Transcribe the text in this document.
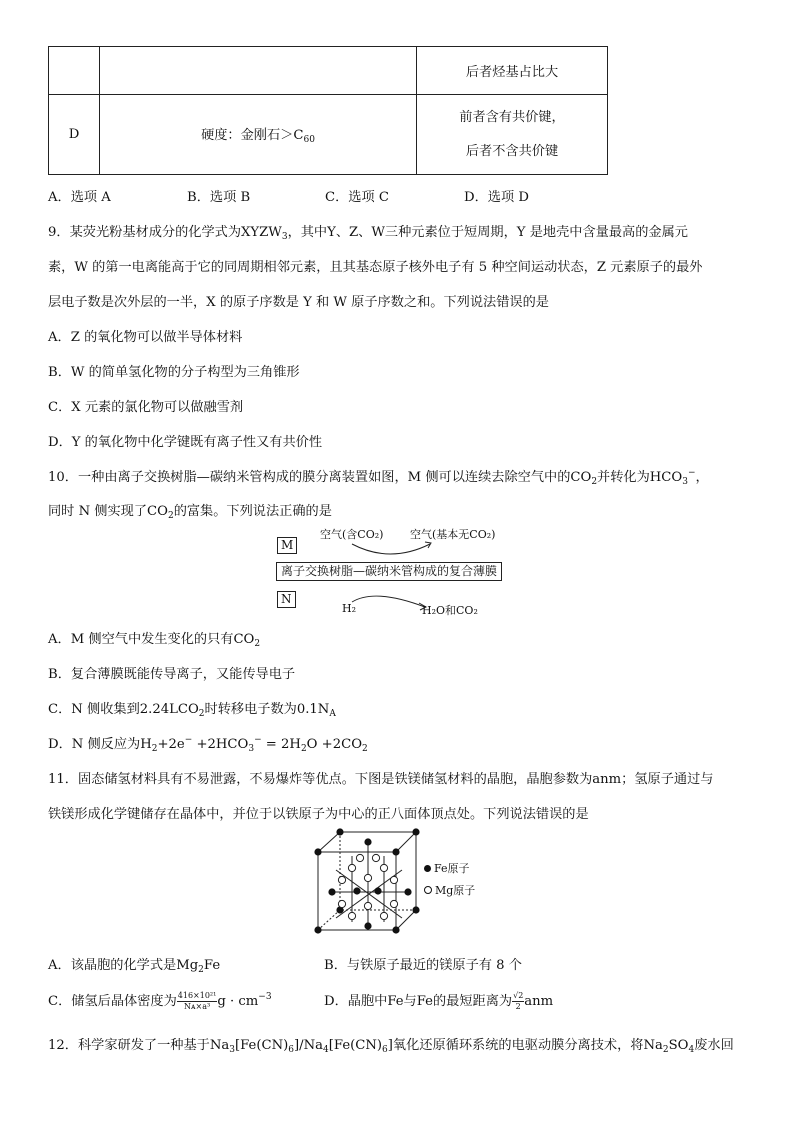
		后者烃基占比大
D	硬度：金刚石$>C_{60}$	前者含有共价键，
后者不含共价键
A．选项 A	B．选项 B	C．选项 C	D．选项 D
9．某荧光粉基材成分的化学式为$XYZW_3$，其中Y、Z、W三种元素位于短周期，Y 是地壳中含量最高的金属元
素，W 的第一电离能高于它的同周期相邻元素，且其基态原子核外电子有 5 种空间运动状态，Z 元素原子的最外
层电子数是次外层的一半，X 的原子序数是 Y 和 W 原子序数之和。下列说法错误的是
A．Z 的氧化物可以做半导体材料
B．W 的简单氢化物的分子构型为三角锥形
C．X 元素的氯化物可以做融雪剂
D．Y 的氧化物中化学键既有离子性又有共价性
10．一种由离子交换树脂—碳纳米管构成的膜分离装置如图，M 侧可以连续去除空气中的$CO_2$并转化为$HCO_3^-$，
同时 N 侧实现了$CO_2$的富集。下列说法正确的是
M
空气(含CO₂) 空气(基本无CO₂)
离子交换树脂—碳纳米管构成的复合薄膜
N
H₂	H₂O和CO₂
A．M 侧空气中发生变化的只有$CO_2$
B．复合薄膜既能传导离子，又能传导电子
C．N 侧收集到$2.24LCO_2$时转移电子数为$0.1N_A$
D．N 侧反应为$H_2+2e^- +2HCO_3^- = 2H_2O +2CO_2$
11．固态储氢材料具有不易泄露，不易爆炸等优点。下图是铁镁储氢材料的晶胞，晶胞参数为anm；氢原子通过与
铁镁形成化学键储存在晶体中，并位于以铁原子为中心的正八面体顶点处。下列说法错误的是
Fe原子
Mg原子
A．该晶胞的化学式是$Mg_2Fe$	B．与铁原子最近的镁原子有 8 个
C．储氢后晶体密度为 $\frac{\text{416×10²¹}}{\text{Nᴀ×a³}}$ $g \cdot cm^{-3}$	D．晶胞中Fe与Fe的最短距离为 $\frac{√2}{2}$ anm
12．科学家研发了一种基于$Na_3[Fe(CN)_6]/Na_4[Fe(CN)_6]$氧化还原循环系统的电驱动膜分离技术，将$Na_2SO_4$废水回
